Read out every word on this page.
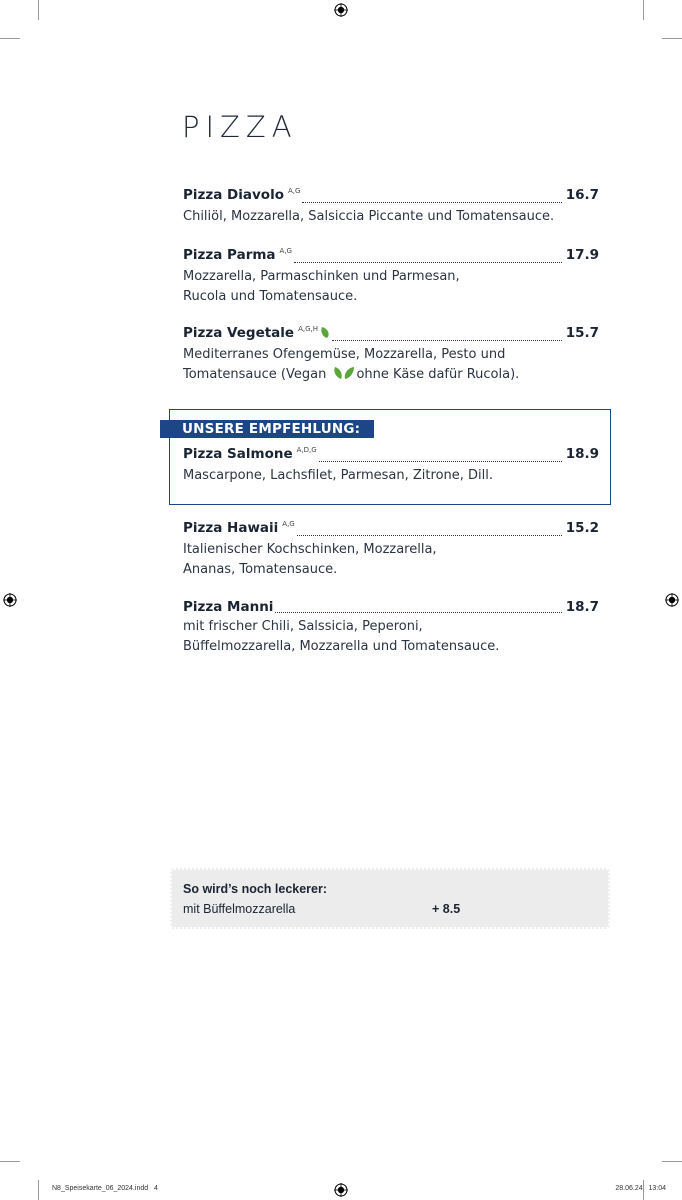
PIZZA
Pizza Diavolo A,G	16.7
Chiliöl, Mozzarella, Salsiccia Piccante und Tomatensauce.
Pizza Parma A,G	17.9
Mozzarella, Parmaschinken und Parmesan,
Rucola und Tomatensauce.
Pizza Vegetale A,G,H	15.7
Mediterranes Ofengemüse, Mozzarella, Pesto und
Tomatensauce (Vegan ohne Käse dafür Rucola).
UNSERE EMPFEHLUNG:
Pizza Salmone A,D,G	18.9
Mascarpone, Lachsfilet, Parmesan, Zitrone, Dill.
Pizza Hawaii A,G	15.2
Italienischer Kochschinken, Mozzarella,
Ananas, Tomatensauce.
Pizza Manni	18.7
mit frischer Chili, Salssicia, Peperoni,
Büffelmozzarella, Mozzarella und Tomatensauce.
So wird’s noch leckerer:
mit Büffelmozzarella	+ 8.5
N8_Speisekarte_06_2024.indd   4	28.06.24   13:04
